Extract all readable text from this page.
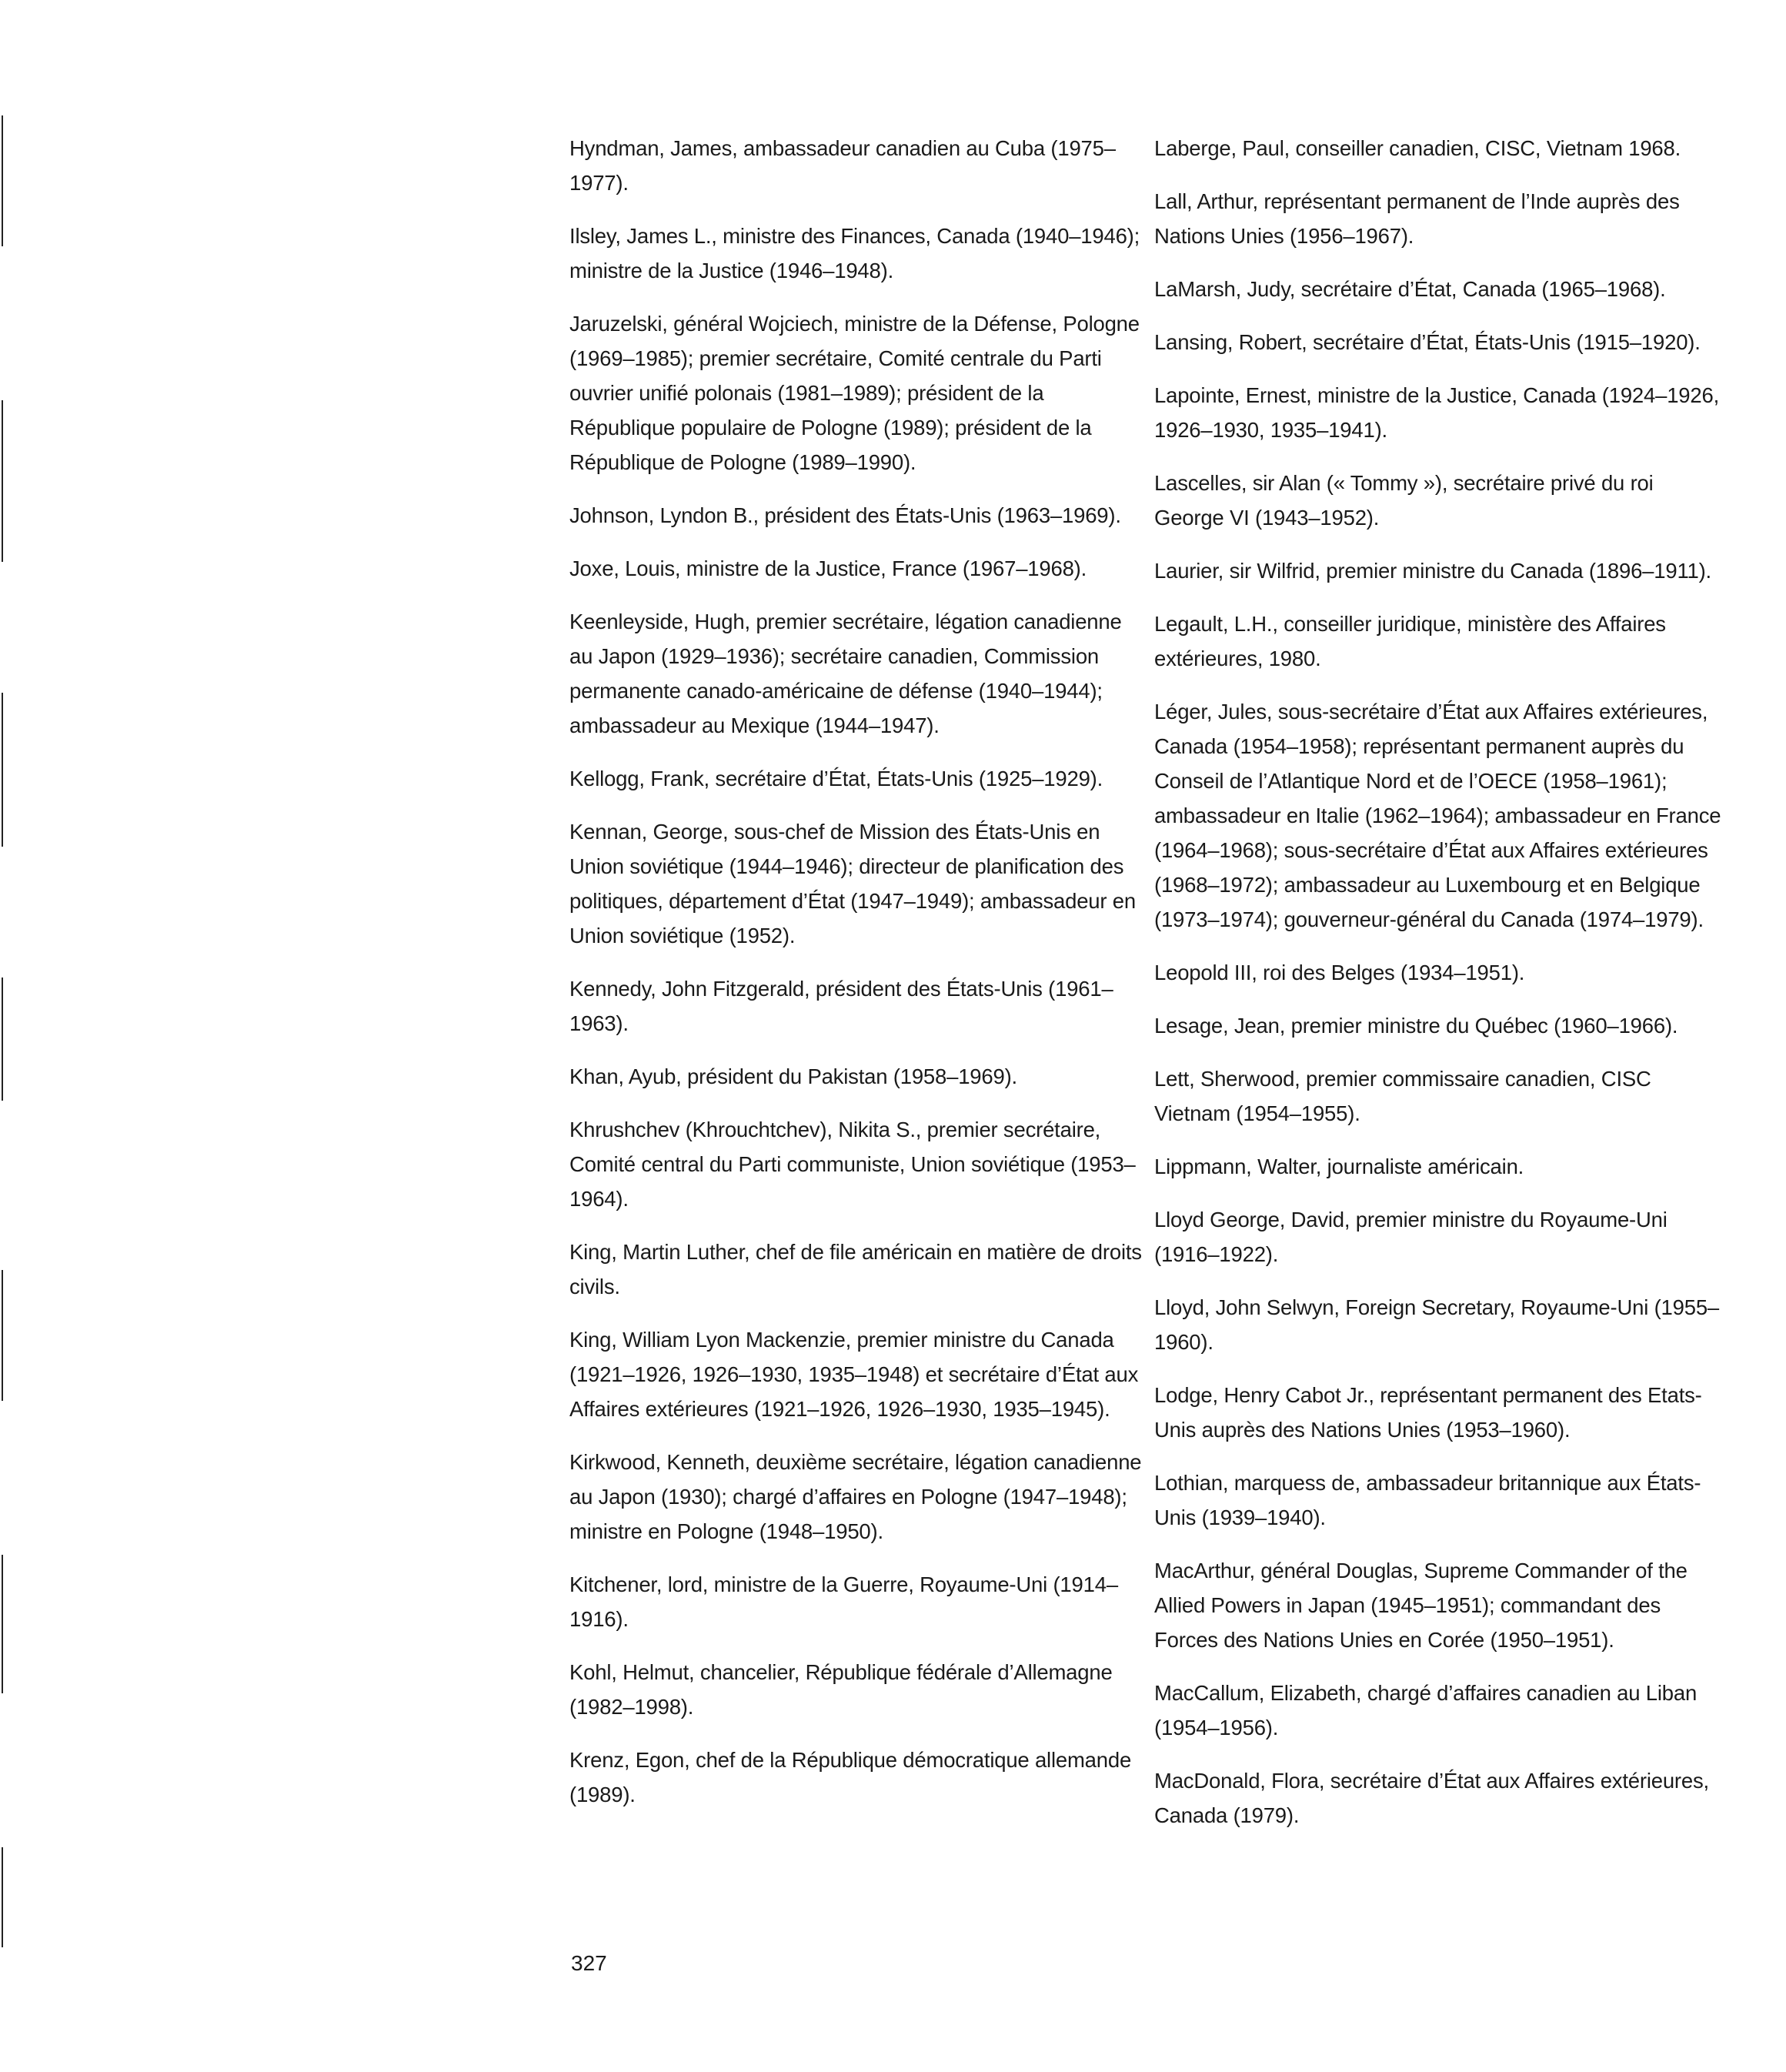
Hyndman, James, ambassadeur canadien au Cuba (1975–1977).

Ilsley, James L., ministre des Finances, Canada (1940–1946); ministre de la Justice (1946–1948).

Jaruzelski, général Wojciech, ministre de la Défense, Pologne (1969–1985); premier secrétaire, Comité centrale du Parti ouvrier unifié polonais (1981–1989); président de la République populaire de Pologne (1989); président de la République de Pologne (1989–1990).

Johnson, Lyndon B., président des États-Unis (1963–1969).

Joxe, Louis, ministre de la Justice, France (1967–1968).

Keenleyside, Hugh, premier secrétaire, légation canadienne au Japon (1929–1936); secrétaire canadien, Commission permanente canado-américaine de défense (1940–1944); ambassadeur au Mexique (1944–1947).

Kellogg, Frank, secrétaire d’État, États-Unis (1925–1929).

Kennan, George, sous-chef de Mission des États-Unis en Union soviétique (1944–1946); directeur de planification des politiques, département d’État (1947–1949); ambassadeur en Union soviétique (1952).

Kennedy, John Fitzgerald, président des États-Unis (1961–1963).

Khan, Ayub, président du Pakistan (1958–1969).

Khrushchev (Khrouchtchev), Nikita S., premier secrétaire, Comité central du Parti communiste, Union soviétique (1953–1964).

King, Martin Luther, chef de file américain en matière de droits civils.

King, William Lyon Mackenzie, premier ministre du Canada (1921–1926, 1926–1930, 1935–1948) et secrétaire d’État aux Affaires extérieures (1921–1926, 1926–1930, 1935–1945).

Kirkwood, Kenneth, deuxième secrétaire, légation canadienne au Japon (1930); chargé d’affaires en Pologne (1947–1948); ministre en Pologne (1948–1950).

Kitchener, lord, ministre de la Guerre, Royaume-Uni (1914–1916).

Kohl, Helmut, chancelier, République fédérale d’Allemagne (1982–1998).

Krenz, Egon, chef de la République démocratique allemande (1989).

Laberge, Paul, conseiller canadien, CISC, Vietnam 1968.

Lall, Arthur, représentant permanent de l’Inde auprès des Nations Unies (1956–1967).

LaMarsh, Judy, secrétaire d’État, Canada (1965–1968).

Lansing, Robert, secrétaire d’État, États-Unis (1915–1920).

Lapointe, Ernest, ministre de la Justice, Canada (1924–1926, 1926–1930, 1935–1941).

Lascelles, sir Alan (« Tommy »), secrétaire privé du roi George VI (1943–1952).

Laurier, sir Wilfrid, premier ministre du Canada (1896–1911).

Legault, L.H., conseiller juridique, ministère des Affaires extérieures, 1980.

Léger, Jules, sous-secrétaire d’État aux Affaires extérieures, Canada (1954–1958); représentant permanent auprès du Conseil de l’Atlantique Nord et de l’OECE (1958–1961); ambassadeur en Italie (1962–1964); ambassadeur en France (1964–1968); sous-secrétaire d’État aux Affaires extérieures (1968–1972); ambassadeur au Luxembourg et en Belgique (1973–1974); gouverneur-général du Canada (1974–1979).

Leopold III, roi des Belges (1934–1951).

Lesage, Jean, premier ministre du Québec (1960–1966).

Lett, Sherwood, premier commissaire canadien, CISC Vietnam (1954–1955).

Lippmann, Walter, journaliste américain.

Lloyd George, David, premier ministre du Royaume-Uni (1916–1922).

Lloyd, John Selwyn, Foreign Secretary, Royaume-Uni (1955–1960).

Lodge, Henry Cabot Jr., représentant permanent des Etats-Unis auprès des Nations Unies (1953–1960).

Lothian, marquess de, ambassadeur britannique aux États-Unis (1939–1940).

MacArthur, général Douglas, Supreme Commander of the Allied Powers in Japan (1945–1951); commandant des Forces des Nations Unies en Corée (1950–1951).

MacCallum, Elizabeth, chargé d’affaires canadien au Liban (1954–1956).

MacDonald, Flora, secrétaire d’État aux Affaires extérieures, Canada (1979).

327
